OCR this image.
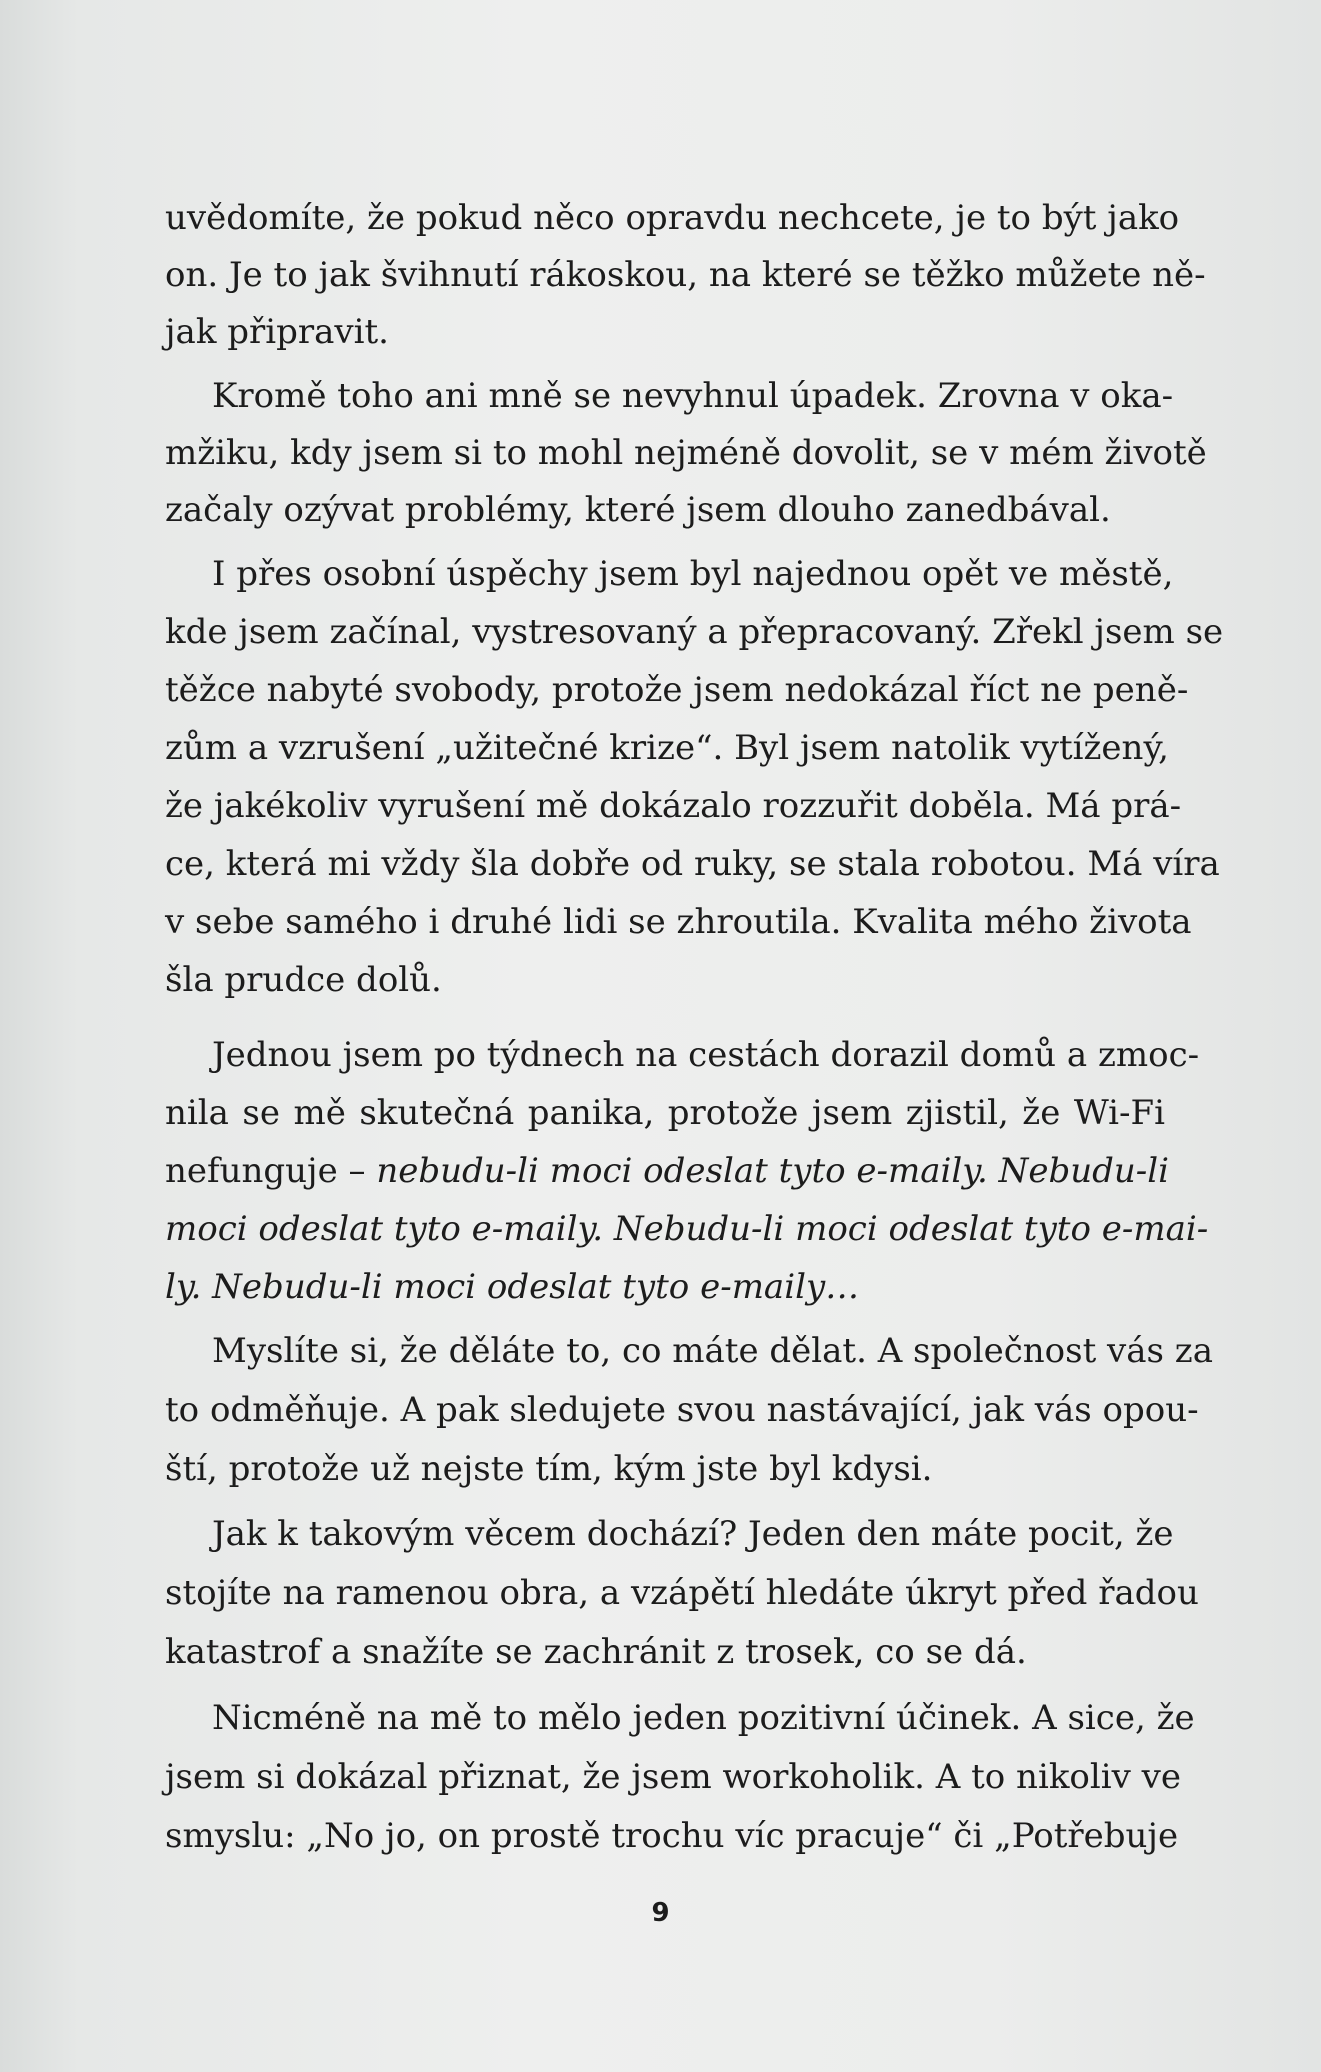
uvědomíte, že pokud něco opravdu nechcete, je to být jako
on. Je to jak švihnutí rákoskou, na které se těžko můžete ně-
jak připravit.
Kromě toho ani mně se nevyhnul úpadek. Zrovna v oka-
mžiku, kdy jsem si to mohl nejméně dovolit, se v mém životě
začaly ozývat problémy, které jsem dlouho zanedbával.
I přes osobní úspěchy jsem byl najednou opět ve městě,
kde jsem začínal, vystresovaný a přepracovaný. Zřekl jsem se
těžce nabyté svobody, protože jsem nedokázal říct ne peně-
zům a vzrušení „užitečné krize“. Byl jsem natolik vytížený,
že jakékoliv vyrušení mě dokázalo rozzuřit doběla. Má prá-
ce, která mi vždy šla dobře od ruky, se stala robotou. Má víra
v sebe samého i druhé lidi se zhroutila. Kvalita mého života
šla prudce dolů.
Jednou jsem po týdnech na cestách dorazil domů a zmoc-
nila se mě skutečná panika, protože jsem zjistil, že Wi-Fi
nefunguje – nebudu-li moci odeslat tyto e-maily. Nebudu-li
moci odeslat tyto e-maily. Nebudu-li moci odeslat tyto e-mai-
ly. Nebudu-li moci odeslat tyto e-maily…
Myslíte si, že děláte to, co máte dělat. A společnost vás za
to odměňuje. A pak sledujete svou nastávající, jak vás opou-
ští, protože už nejste tím, kým jste byl kdysi.
Jak k takovým věcem dochází? Jeden den máte pocit, že
stojíte na ramenou obra, a vzápětí hledáte úkryt před řadou
katastrof a snažíte se zachránit z trosek, co se dá.
Nicméně na mě to mělo jeden pozitivní účinek. A sice, že
jsem si dokázal přiznat, že jsem workoholik. A to nikoliv ve
smyslu: „No jo, on prostě trochu víc pracuje“ či „Potřebuje
9
